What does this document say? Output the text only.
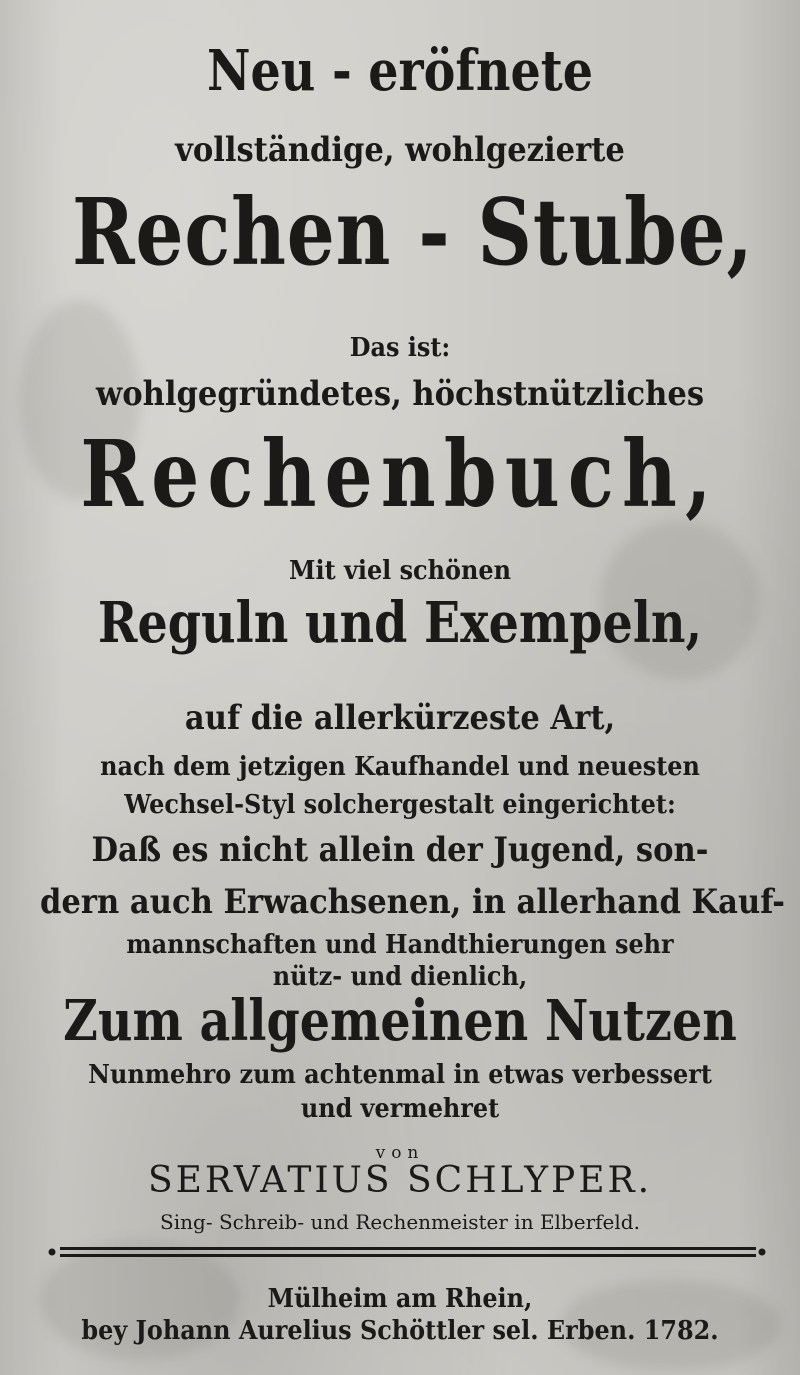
Neu - eröfnete
vollständige, wohlgezierte
Rechen - Stube,
Das ist:
wohlgegründetes, höchstnützliches
Rechenbuch,
Mit viel schönen
Reguln und Exempeln,
auf die allerkürzeste Art,
nach dem jetzigen Kaufhandel und neuesten
Wechsel-Styl solchergestalt eingerichtet:
Daß es nicht allein der Jugend, son-
dern auch Erwachsenen, in allerhand Kauf-
mannschaften und Handthierungen sehr
nütz- und dienlich,
Zum allgemeinen Nutzen
Nunmehro zum achtenmal in etwas verbessert
und vermehret
von
SERVATIUS SCHLYPER.
Sing- Schreib- und Rechenmeister in Elberfeld.
Mülheim am Rhein,
bey Johann Aurelius Schöttler sel. Erben. 1782.
